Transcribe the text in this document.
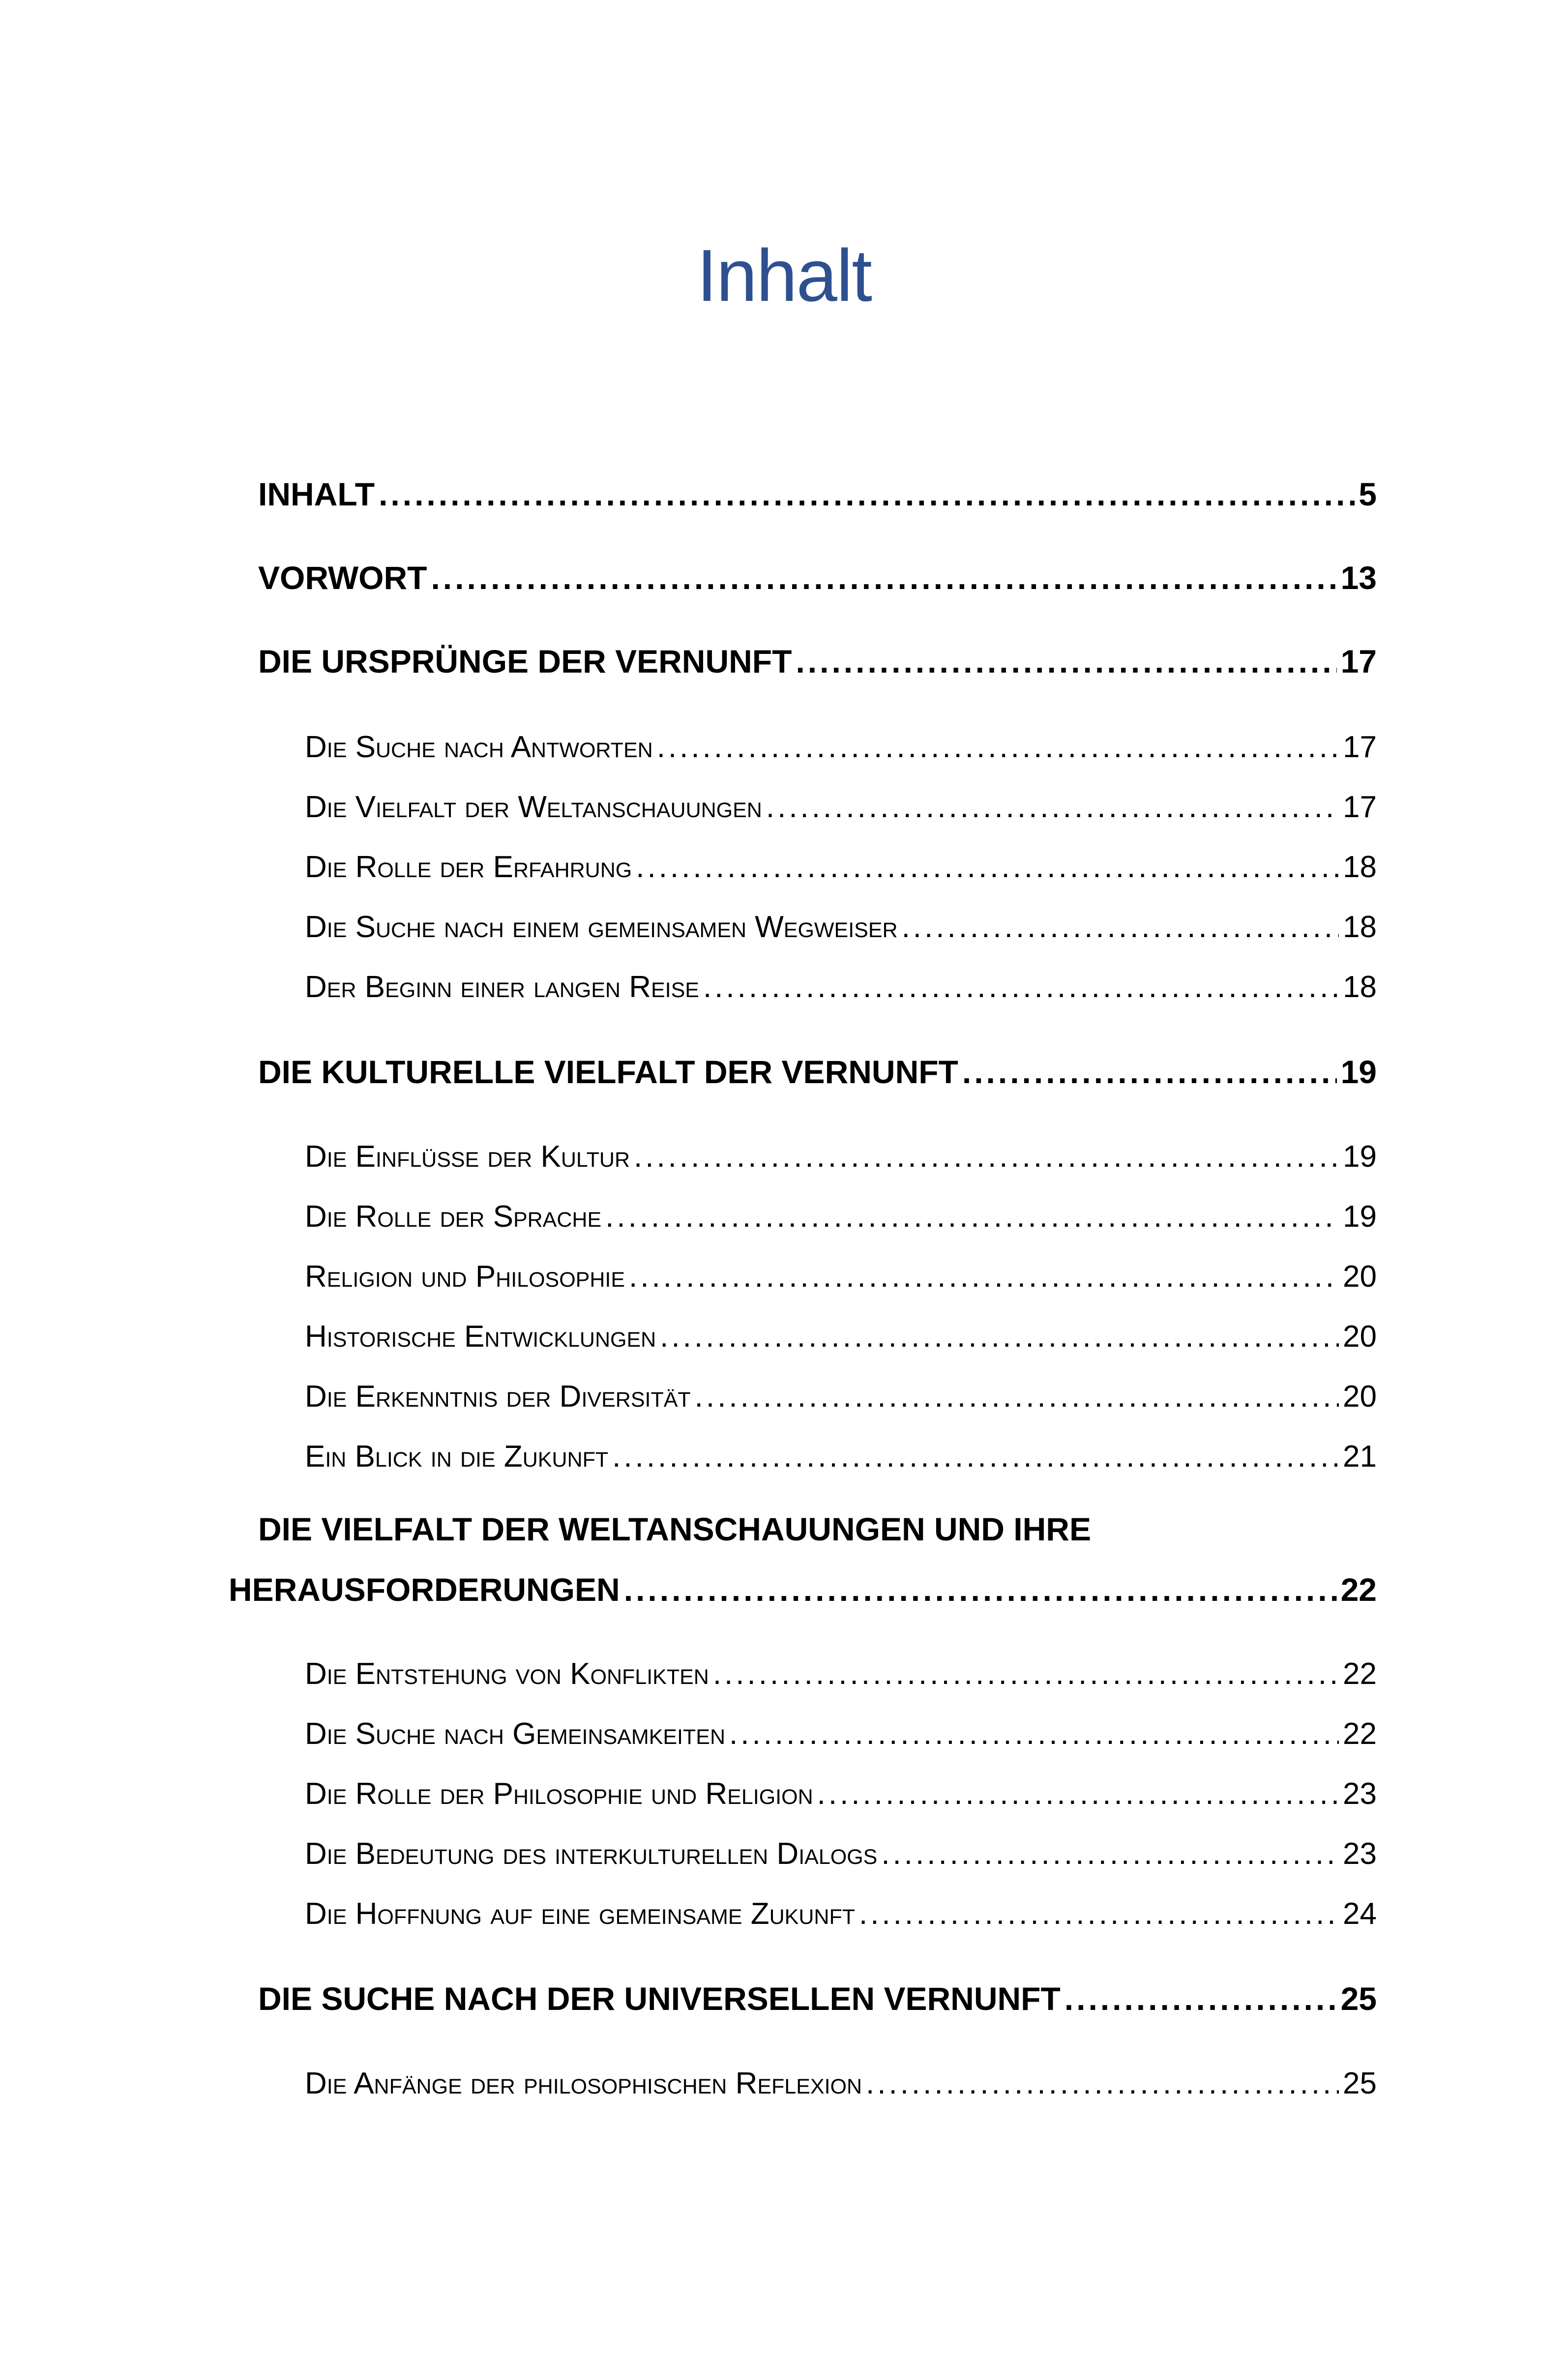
Inhalt
INHALT .....	5
VORWORT .....	13
DIE URSPRÜNGE DER VERNUNFT .....	17
Die Suche nach Antworten .....	17
Die Vielfalt der Weltanschauungen .....	17
Die Rolle der Erfahrung .....	18
Die Suche nach einem gemeinsamen Wegweiser .....	18
Der Beginn einer langen Reise .....	18
DIE KULTURELLE VIELFALT DER VERNUNFT .....	19
Die Einflüsse der Kultur .....	19
Die Rolle der Sprache .....	19
Religion und Philosophie .....	20
Historische Entwicklungen .....	20
Die Erkenntnis der Diversität .....	20
Ein Blick in die Zukunft .....	21
DIE VIELFALT DER WELTANSCHAUUNGEN UND IHRE
HERAUSFORDERUNGEN .....	22
Die Entstehung von Konflikten .....	22
Die Suche nach Gemeinsamkeiten .....	22
Die Rolle der Philosophie und Religion .....	23
Die Bedeutung des interkulturellen Dialogs .....	23
Die Hoffnung auf eine gemeinsame Zukunft .....	24
DIE SUCHE NACH DER UNIVERSELLEN VERNUNFT .....	25
Die Anfänge der philosophischen Reflexion .....	25
